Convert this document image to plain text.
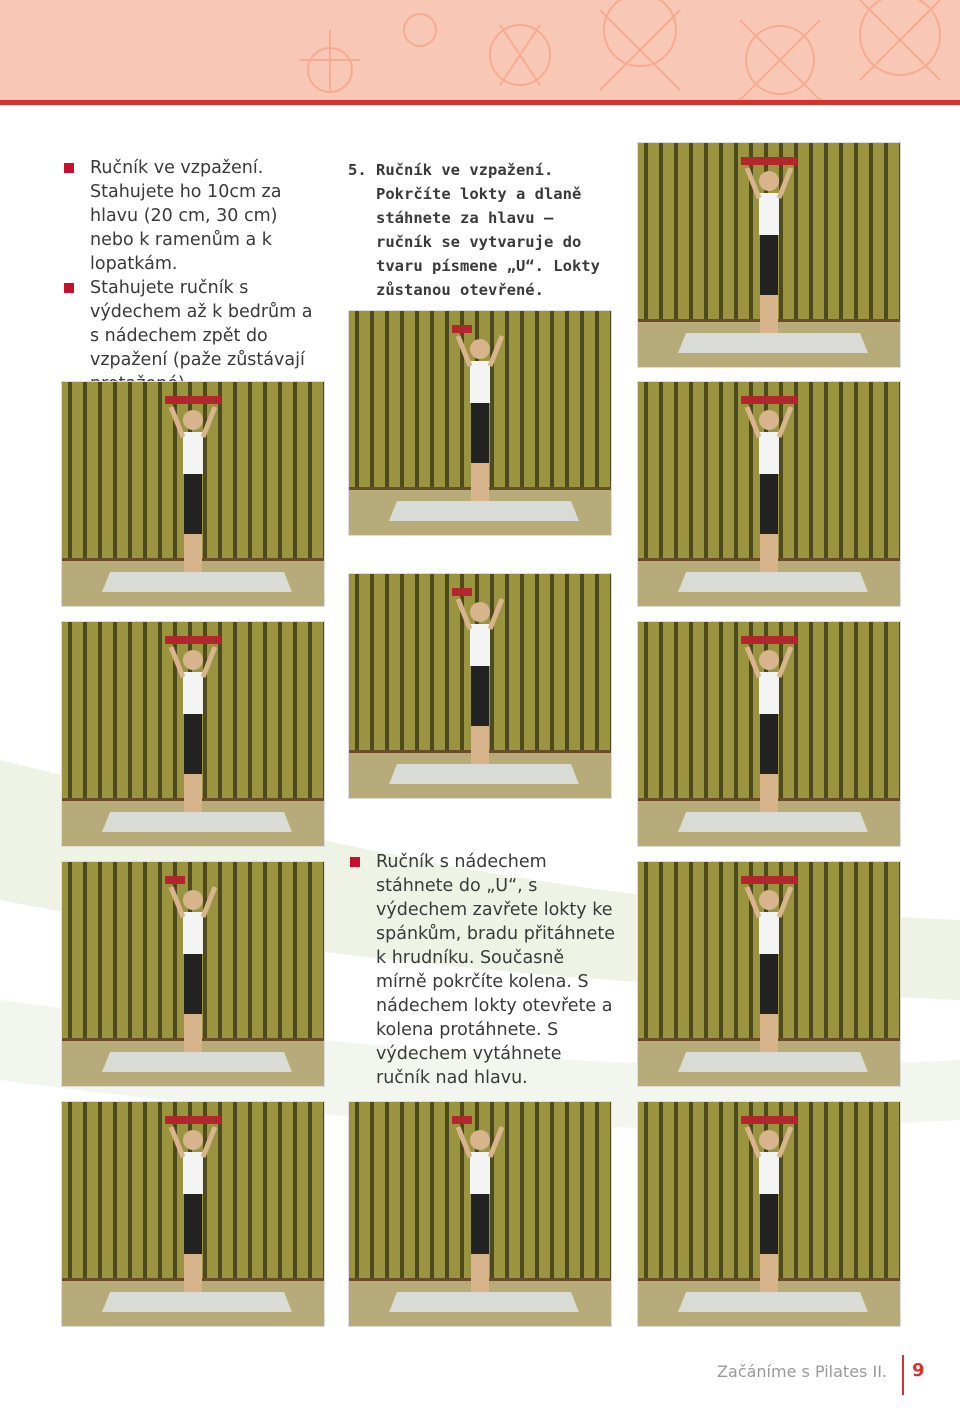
Ručník ve vzpažení. Stahujete ho 10cm za hlavu (20 cm, 30 cm) nebo k ramenům a k lopatkám.

Stahujete ručník s výdechem až k bedrům a s nádechem zpět do vzpažení (paže zůstávají

5. Ručník ve vzpažení. Pokrčíte lokty a dlaně stáhnete za hlavu – ručník se vytvaruje do tvaru písmene „U“. Lokty zůstanou otevřené.

Ručník s nádechem stáhnete do „U“, s výdechem zavřete lokty ke spánkům, bradu přitáhnete k hrudníku. Současně mírně pokrčíte kolena. S nádechem lokty otevřete a kolena protáhnete. S výdechem vytáhnete ručník nad hlavu.

Začáníme s Pilates II. 9
